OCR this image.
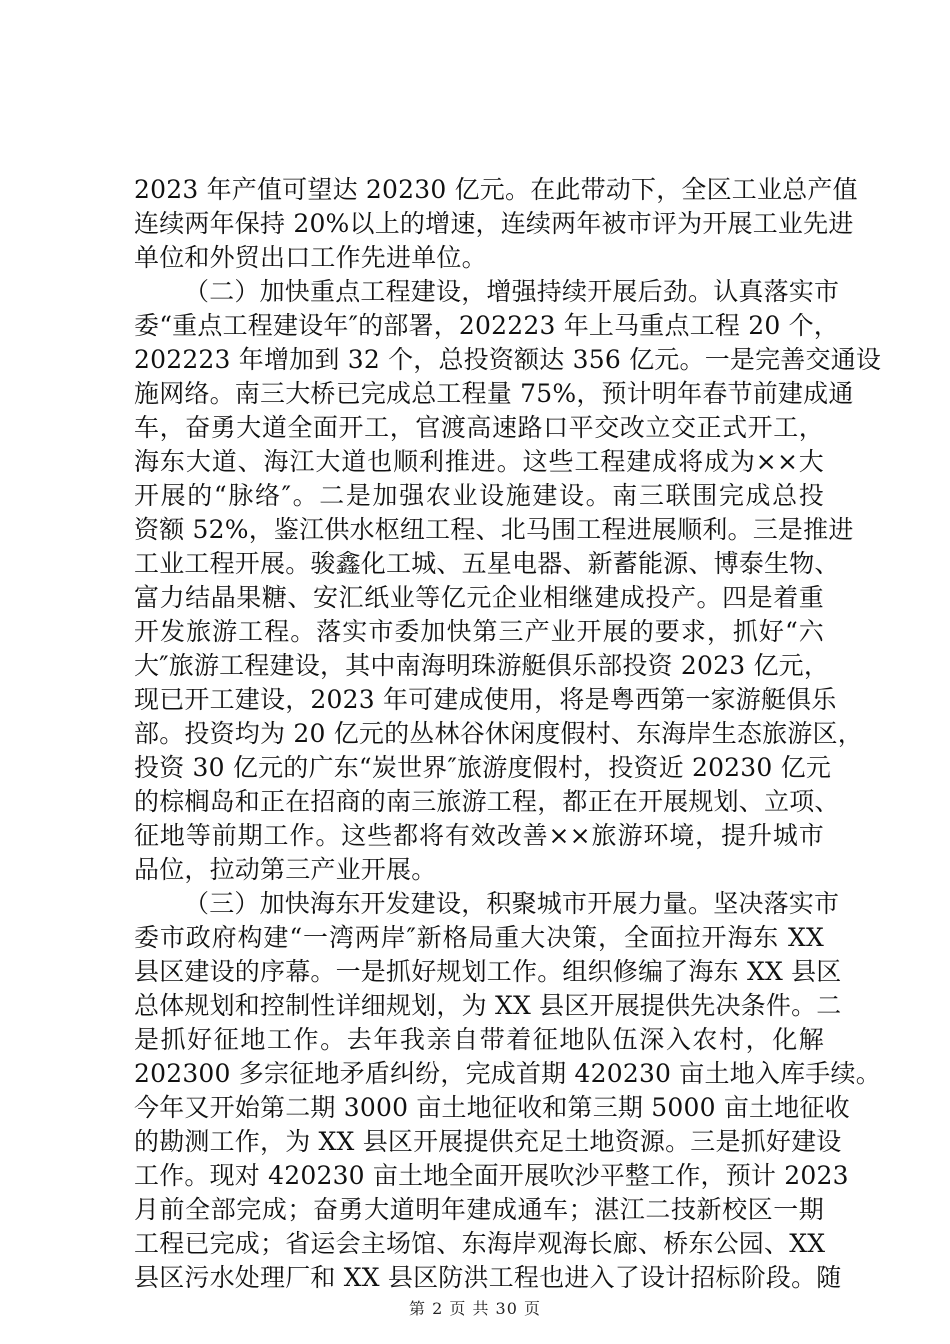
2023 年产值可望达 20230 亿元。在此带动下，全区工业总产值
连续两年保持 20%以上的增速，连续两年被市评为开展工业先进
单位和外贸出口工作先进单位。
（二）加快重点工程建设，增强持续开展后劲。认真落实市
委“重点工程建设年″的部署，202223 年上马重点工程 20 个，
202223 年增加到 32 个，总投资额达 356 亿元。一是完善交通设
施网络。南三大桥已完成总工程量 75%，预计明年春节前建成通
车，奋勇大道全面开工，官渡高速路口平交改立交正式开工，
海东大道、海江大道也顺利推进。这些工程建成将成为××大
开展的“脉络″。二是加强农业设施建设。南三联围完成总投
资额 52%，鉴江供水枢纽工程、北马围工程进展顺利。三是推进
工业工程开展。骏鑫化工城、五星电器、新蓄能源、博泰生物、
富力结晶果糖、安汇纸业等亿元企业相继建成投产。四是着重
开发旅游工程。落实市委加快第三产业开展的要求，抓好“六
大″旅游工程建设，其中南海明珠游艇俱乐部投资 2023 亿元，
现已开工建设，2023 年可建成使用，将是粤西第一家游艇俱乐
部。投资均为 20 亿元的丛林谷休闲度假村、东海岸生态旅游区，
投资 30 亿元的广东“炭世界″旅游度假村，投资近 20230 亿元
的棕榈岛和正在招商的南三旅游工程，都正在开展规划、立项、
征地等前期工作。这些都将有效改善××旅游环境，提升城市
品位，拉动第三产业开展。
（三）加快海东开发建设，积聚城市开展力量。坚决落实市
委市政府构建“一湾两岸″新格局重大决策，全面拉开海东 XX
县区建设的序幕。一是抓好规划工作。组织修编了海东 XX 县区
总体规划和控制性详细规划，为 XX 县区开展提供先决条件。二
是抓好征地工作。去年我亲自带着征地队伍深入农村，化解
202300 多宗征地矛盾纠纷，完成首期 420230 亩土地入库手续。
今年又开始第二期 3000 亩土地征收和第三期 5000 亩土地征收
的勘测工作，为 XX 县区开展提供充足土地资源。三是抓好建设
工作。现对 420230 亩土地全面开展吹沙平整工作，预计 2023
月前全部完成；奋勇大道明年建成通车；湛江二技新校区一期
工程已完成；省运会主场馆、东海岸观海长廊、桥东公园、XX
县区污水处理厂和 XX 县区防洪工程也进入了设计招标阶段。随
第 2 页 共 30 页
